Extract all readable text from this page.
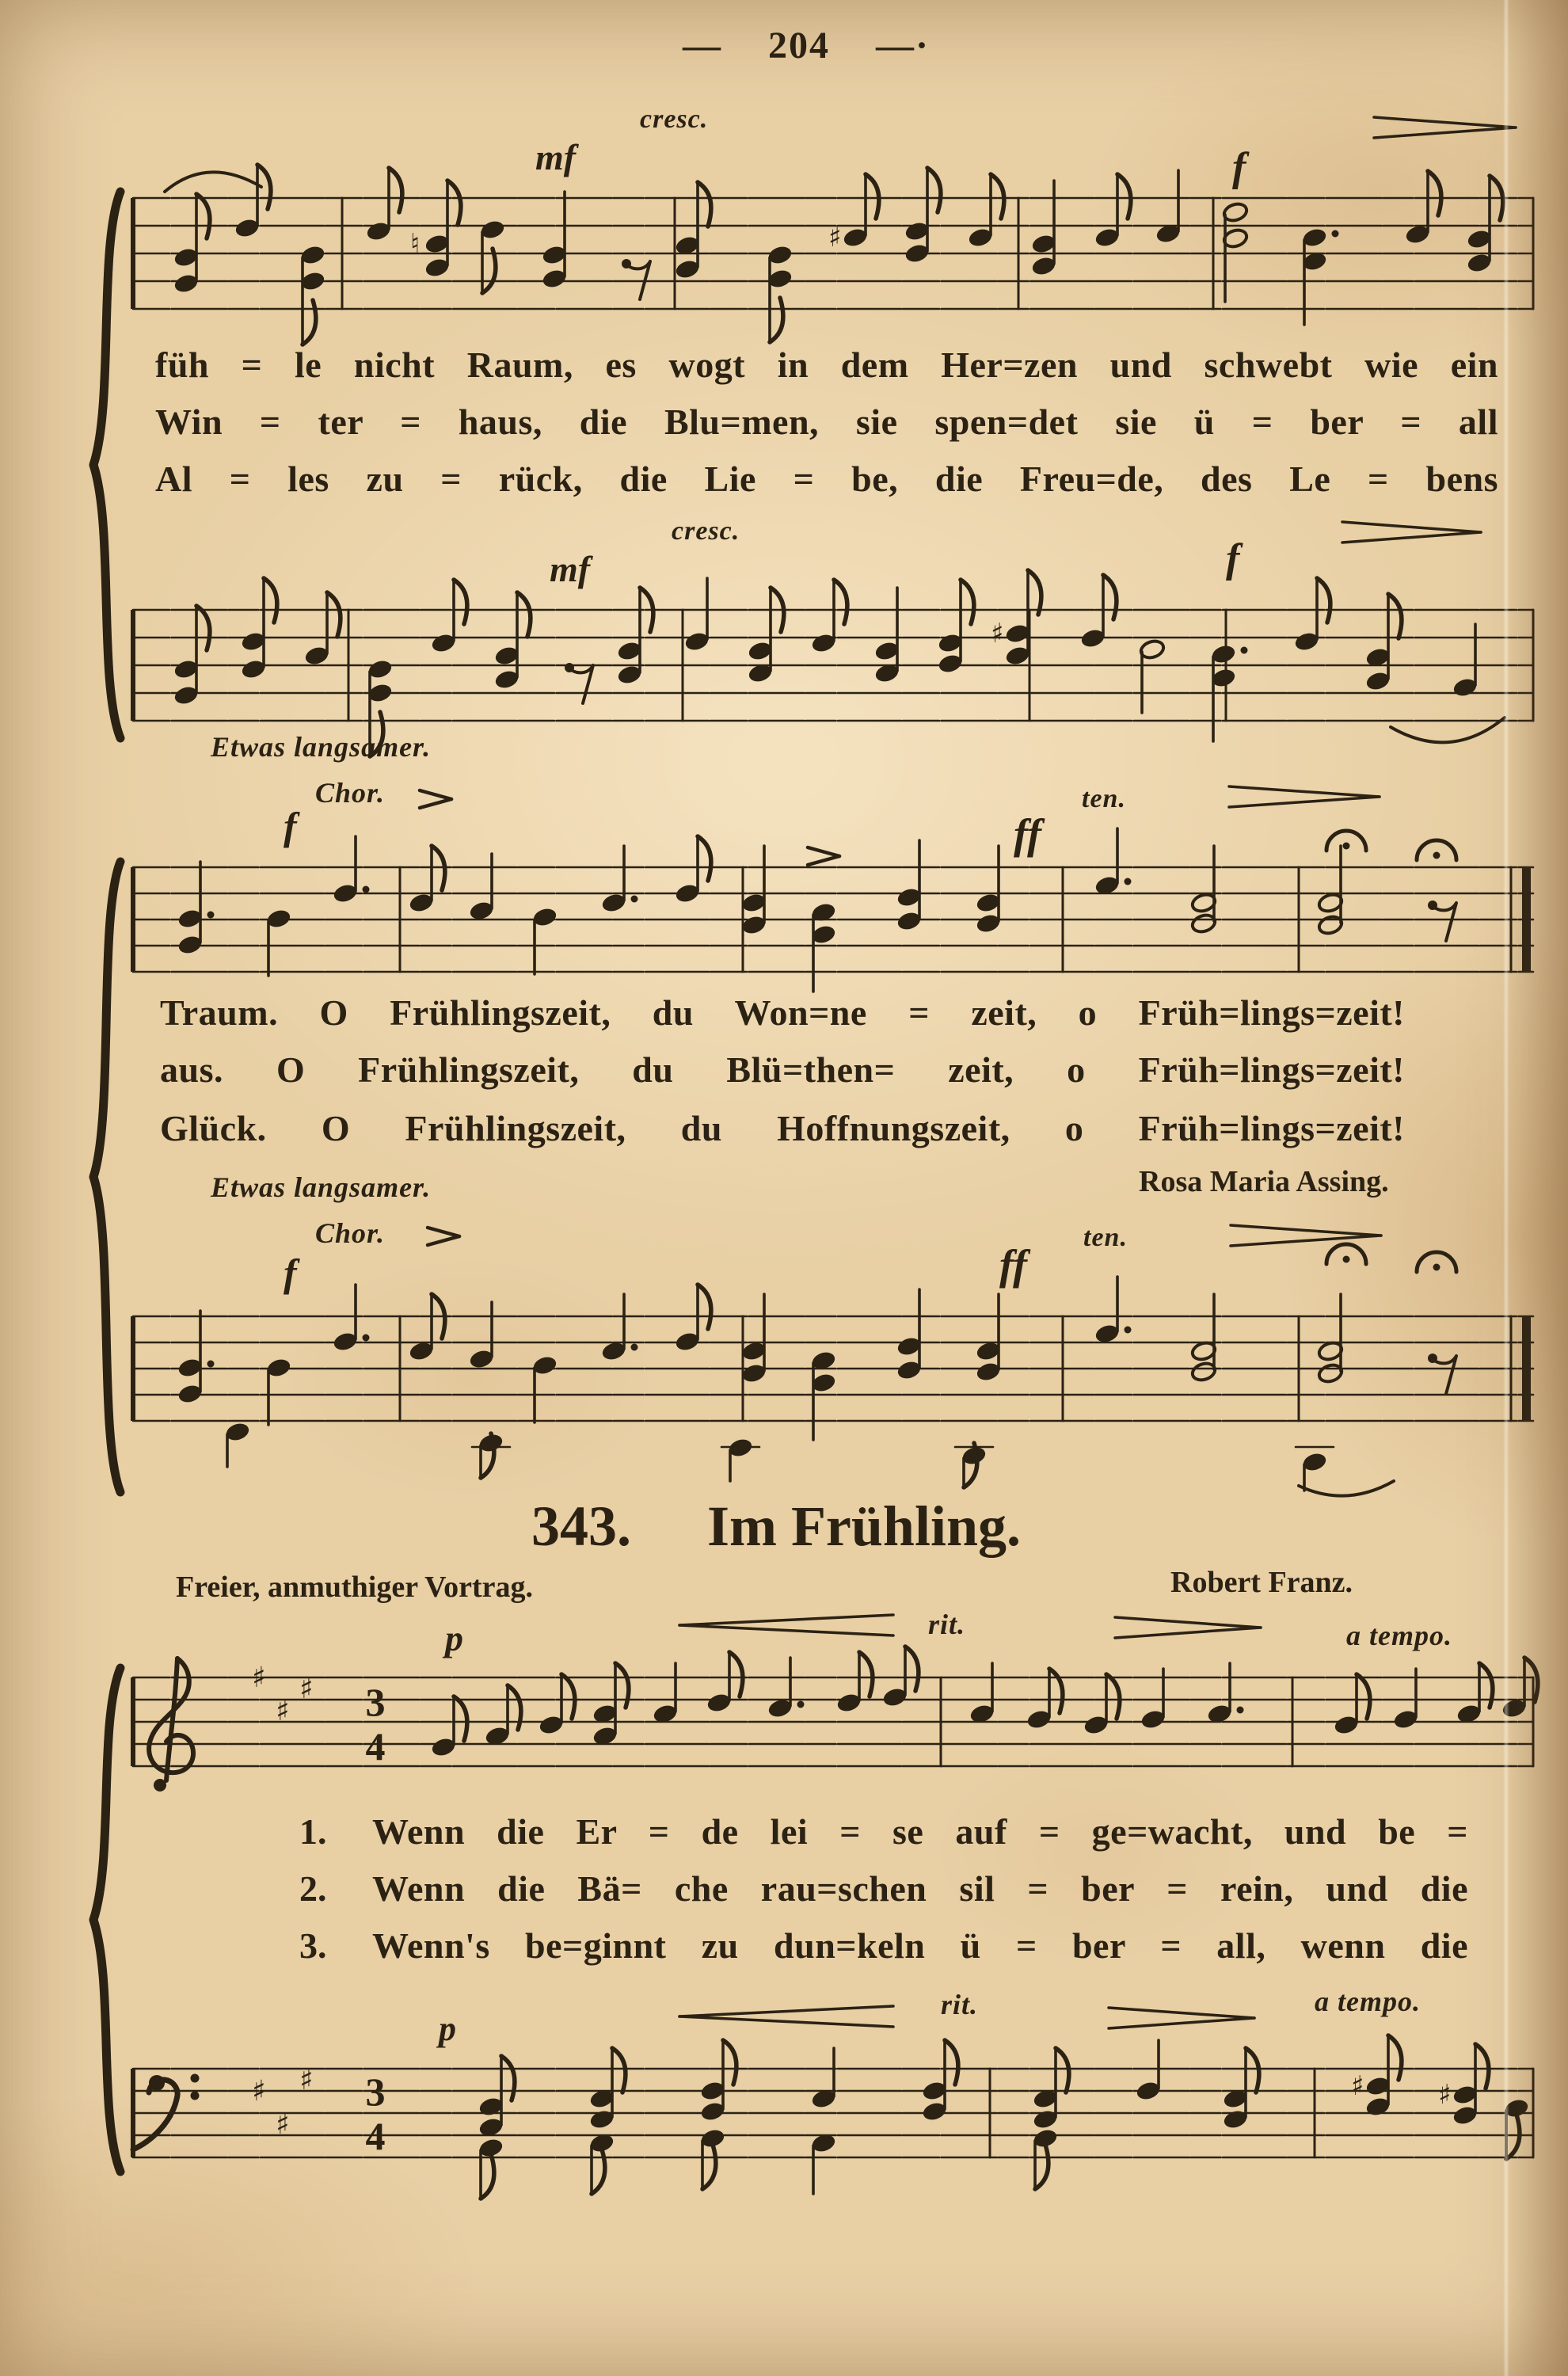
♮	♯
♯
♯
♯
♯
♯
♯
♯	♯	♯
— 204 —·
cresc.
mf	f
füh = le nicht Raum, es wogt in dem Her=zen und schwebt wie ein
Win = ter = haus, die Blu=men, sie spen=det sie ü = ber = all
Al = les zu = rück, die Lie = be, die Freu=de, des Le = bens
cresc.
mf	f
Etwas langsamer.
Chor.
f
ten.
ff
Traum. O Frühlingszeit, du Won=ne = zeit, o Früh=lings=zeit!
aus. O Frühlingszeit, du Blü=then= zeit, o Früh=lings=zeit!
Glück. O Frühlingszeit, du Hoffnungszeit, o Früh=lings=zeit!
Etwas langsamer.	Rosa Maria Assing.
Chor.	ten.
ff
f
343. Im Frühling.
Freier, anmuthiger Vortrag.	Robert Franz.
p	rit.	a tempo.
3
4
1.	Wenn die Er = de lei = se auf = ge=wacht, und be =
2.	Wenn die Bä= che rau=schen sil = ber = rein, und die
3.	Wenn's be=ginnt zu dun=keln ü = ber = all, wenn die
p
rit.	a tempo.
3
4
